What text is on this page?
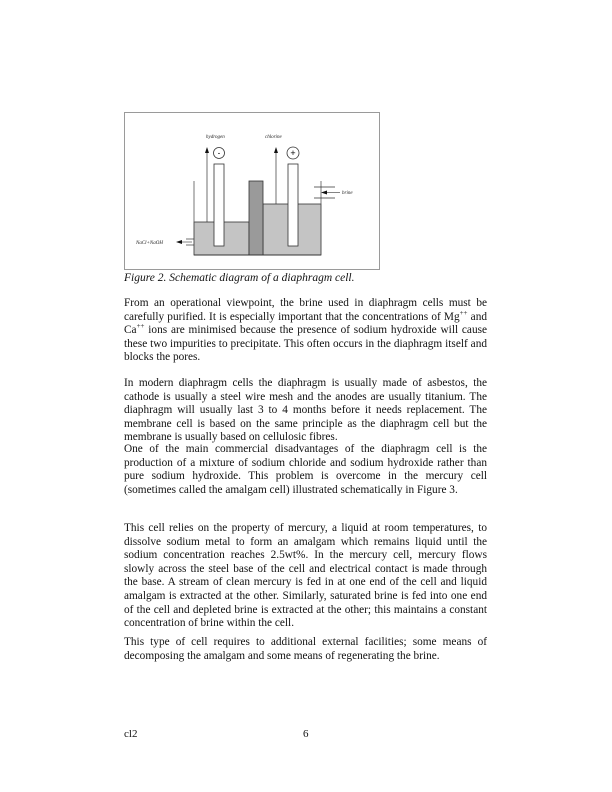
-	+
hydrogen	chlorine
brine
NaCl+NaOH
Figure 2. Schematic diagram of a diaphragm cell.

From an operational viewpoint, the brine used in diaphragm cells must be carefully purified. It is especially important that the concentrations of Mg++ and Ca++ ions are minimised because the presence of sodium hydroxide will cause these two impurities to precipitate. This often occurs in the diaphragm itself and blocks the pores.

In modern diaphragm cells the diaphragm is usually made of asbestos, the cathode is usually a steel wire mesh and the anodes are usually titanium. The diaphragm will usually last 3 to 4 months before it needs replacement. The membrane cell is based on the same principle as the diaphragm cell but the membrane is usually based on cellulosic fibres.

One of the main commercial disadvantages of the diaphragm cell is the production of a mixture of sodium chloride and sodium hydroxide rather than pure sodium hydroxide. This problem is overcome in the mercury cell (sometimes called the amalgam cell) illustrated schematically in Figure 3.

This cell relies on the property of mercury, a liquid at room temperatures, to dissolve sodium metal to form an amalgam which remains liquid until the sodium concentration reaches 2.5wt%. In the mercury cell, mercury flows slowly across the steel base of the cell and electrical contact is made through the base. A stream of clean mercury is fed in at one end of the cell and liquid amalgam is extracted at the other. Similarly, saturated brine is fed into one end of the cell and depleted brine is extracted at the other; this maintains a constant concentration of brine within the cell.

This type of cell requires to additional external facilities; some means of decomposing the amalgam and some means of regenerating the brine.

cl2	6
